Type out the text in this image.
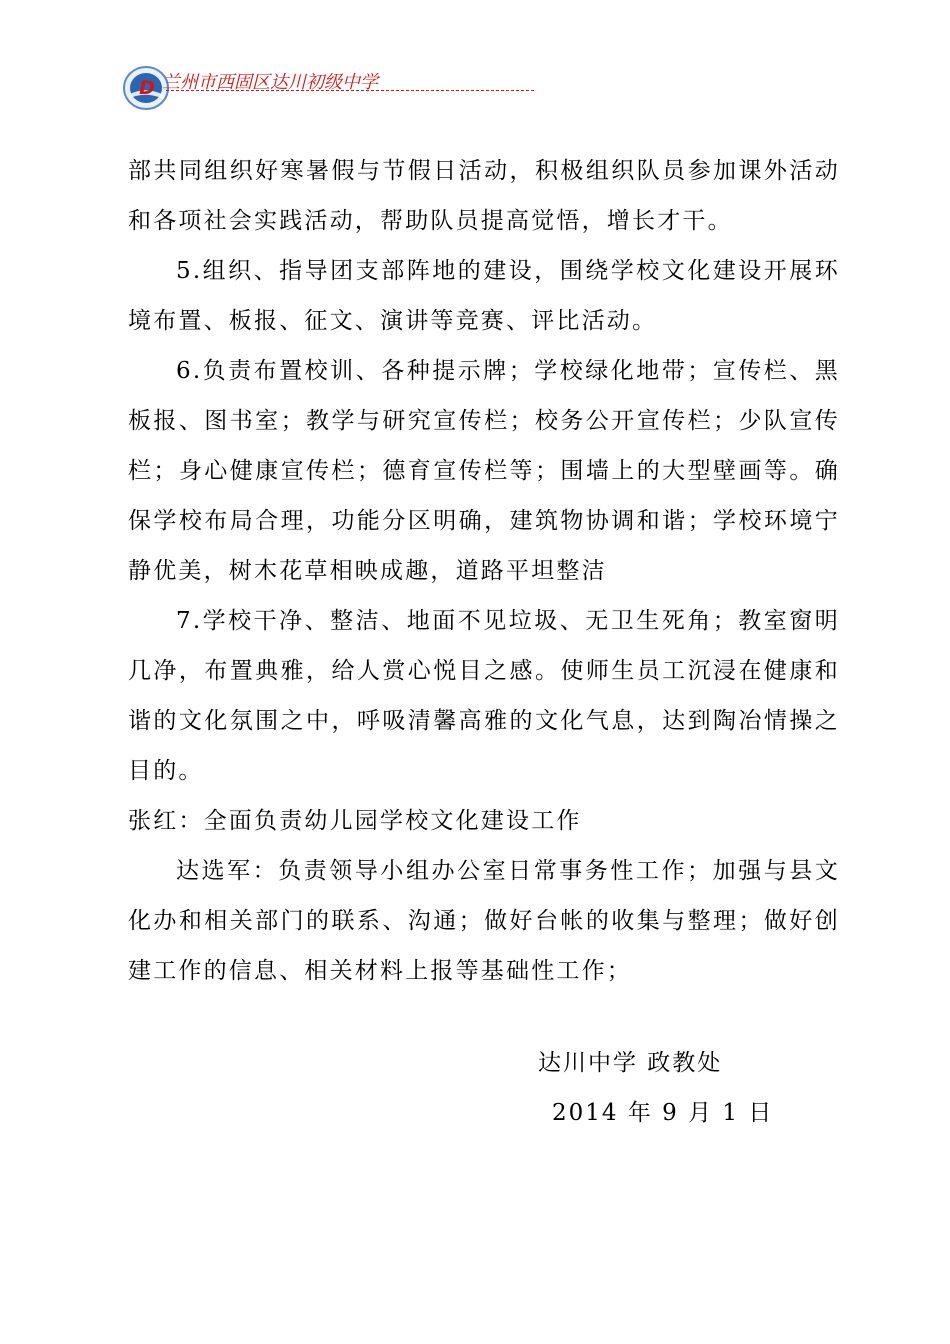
D 兰州市西固区达川初级中学

部共同组织好寒暑假与节假日活动，积极组织队员参加课外活动和各项社会实践活动，帮助队员提高觉悟，增长才干。

5.组织、指导团支部阵地的建设，围绕学校文化建设开展环境布置、板报、征文、演讲等竞赛、评比活动。

6.负责布置校训、各种提示牌；学校绿化地带；宣传栏、黑板报、图书室；教学与研究宣传栏；校务公开宣传栏；少队宣传栏；身心健康宣传栏；德育宣传栏等；围墙上的大型壁画等。确保学校布局合理，功能分区明确，建筑物协调和谐；学校环境宁静优美，树木花草相映成趣，道路平坦整洁

7.学校干净、整洁、地面不见垃圾、无卫生死角；教室窗明几净，布置典雅，给人赏心悦目之感。使师生员工沉浸在健康和谐的文化氛围之中，呼吸清馨高雅的文化气息，达到陶冶情操之目的。

张红：全面负责幼儿园学校文化建设工作

达选军：负责领导小组办公室日常事务性工作；加强与县文化办和相关部门的联系、沟通；做好台帐的收集与整理；做好创建工作的信息、相关材料上报等基础性工作；

达川中学 政教处
2014 年 9 月 1 日
